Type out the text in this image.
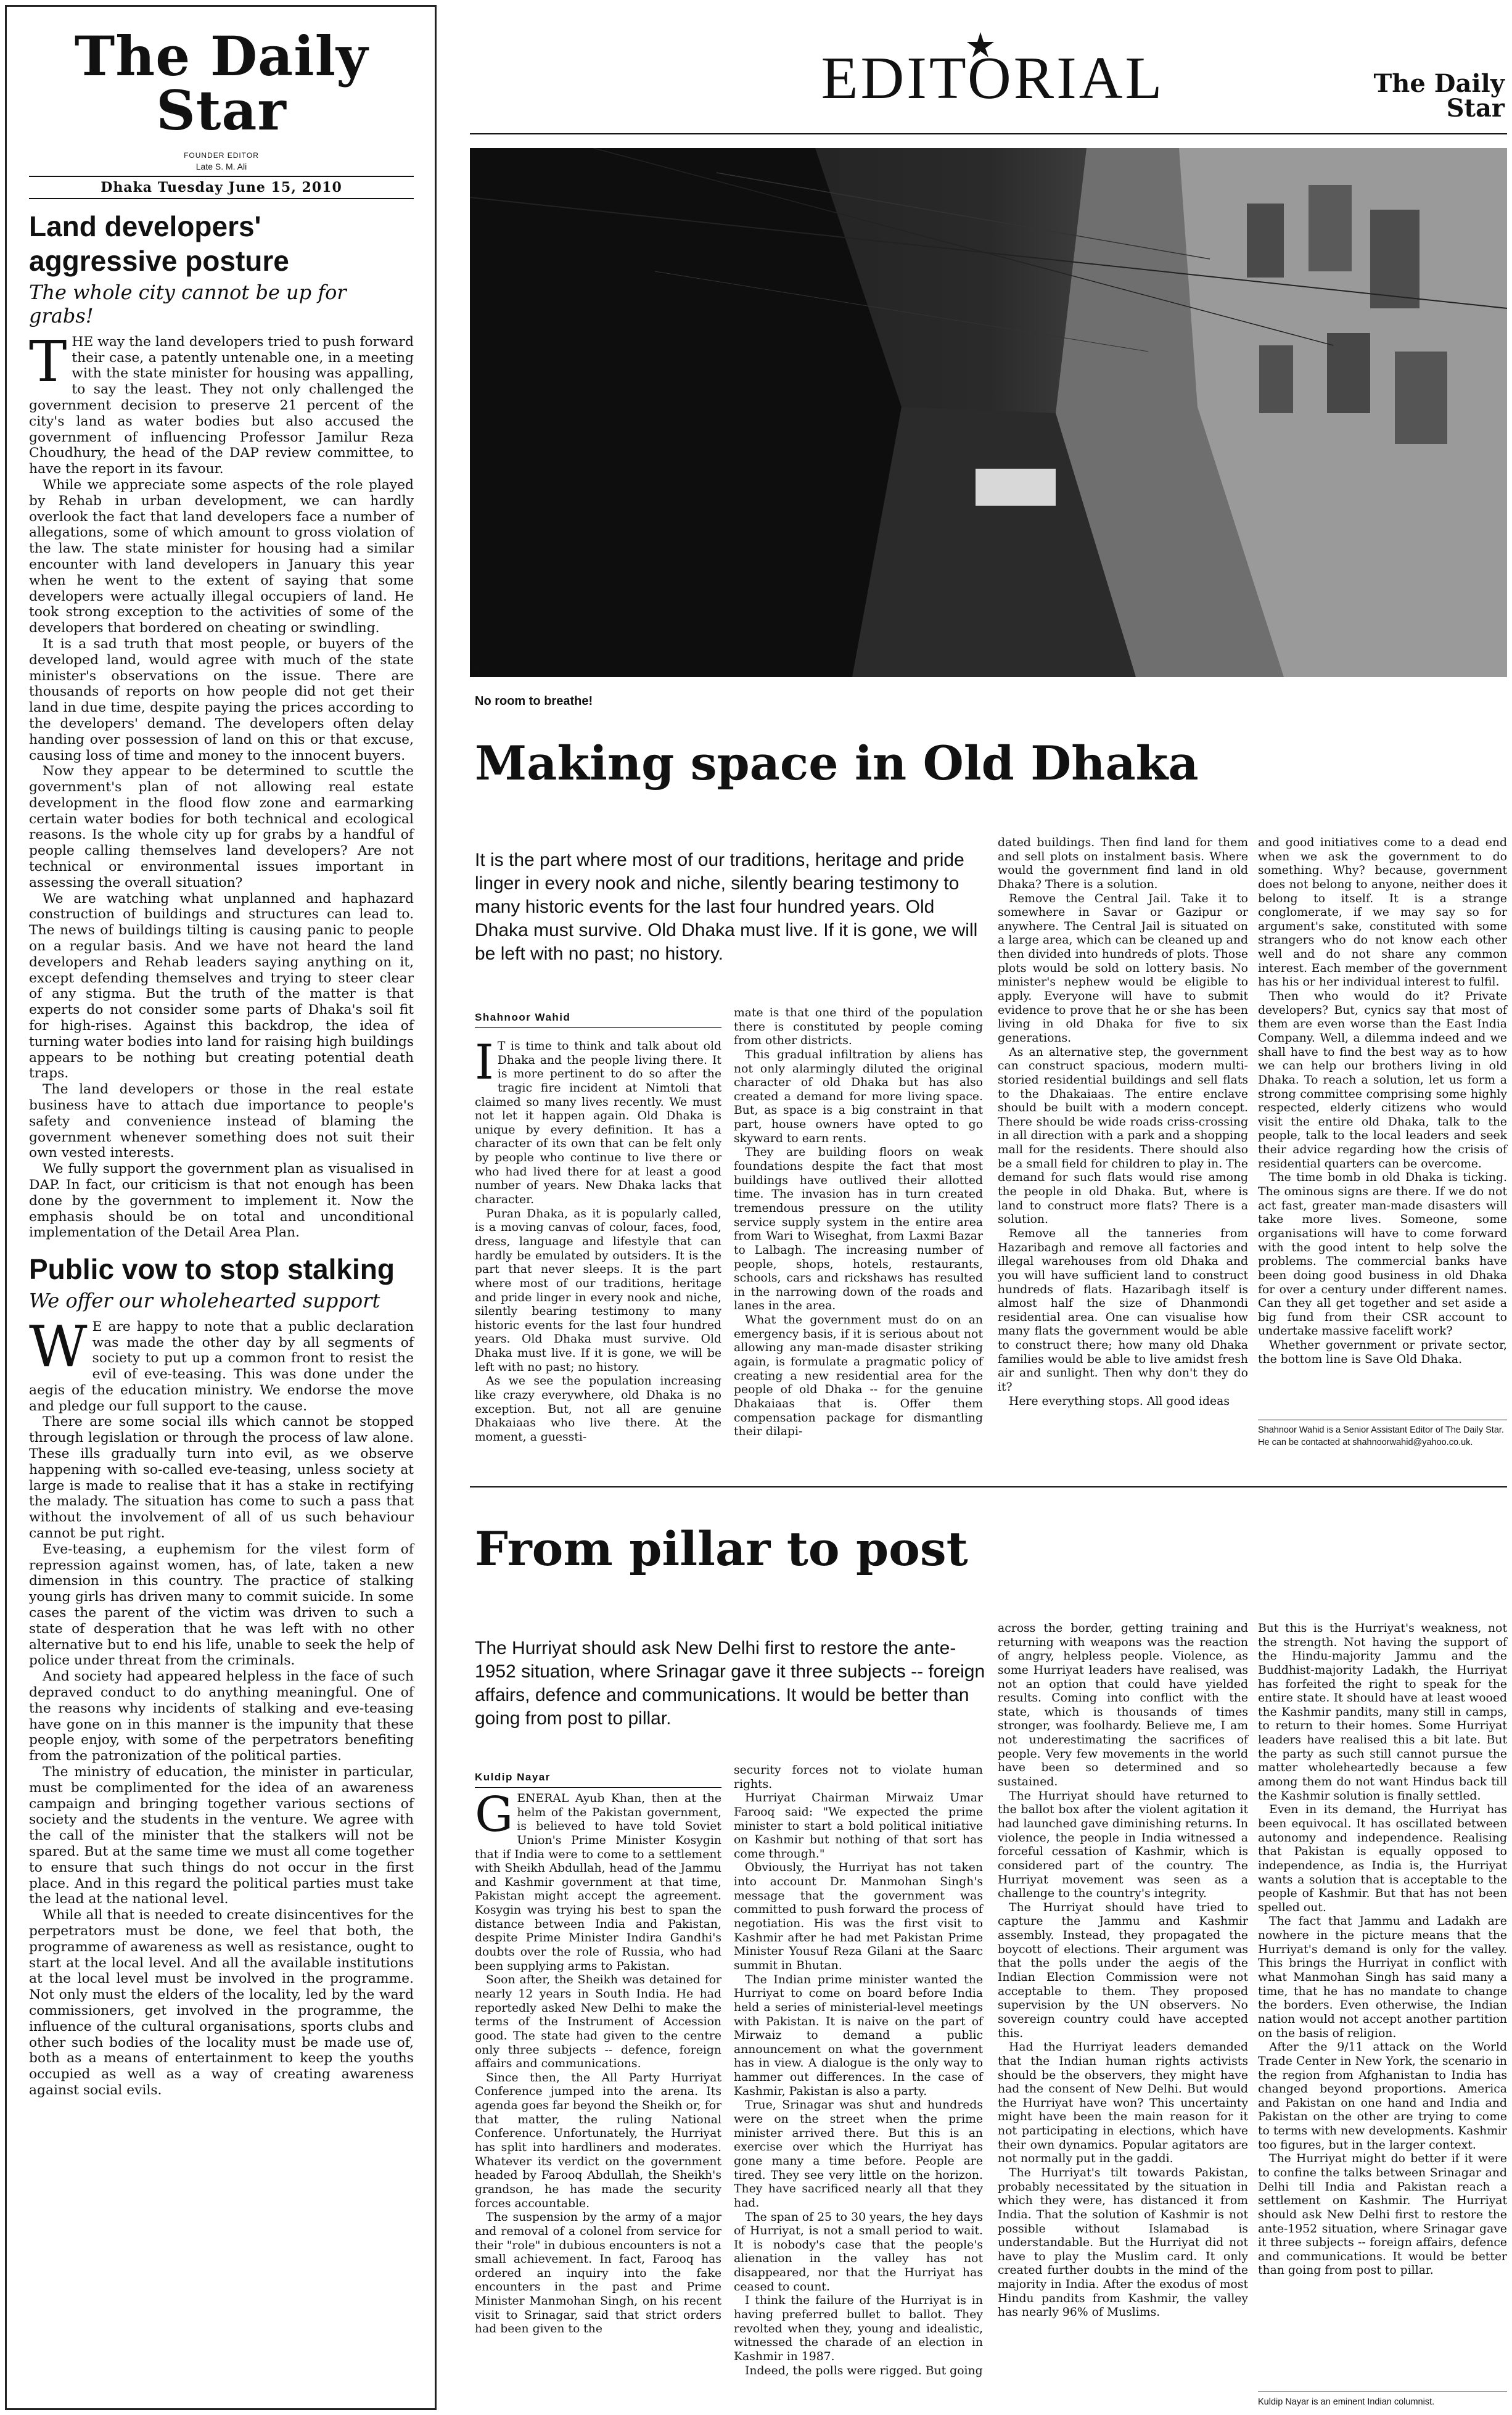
The Daily Star
FOUNDER EDITOR
Late S. M. Ali
Dhaka Tuesday June 15, 2010
Land developers' aggressive posture
The whole city cannot be up for grabs!

THE way the land developers tried to push forward their case, a patently untenable one, in a meeting with the state minister for housing was appalling, to say the least. They not only challenged the government decision to preserve 21 percent of the city's land as water bodies but also accused the government of influencing Professor Jamilur Reza Choudhury, the head of the DAP review committee, to have the report in its favour.

While we appreciate some aspects of the role played by Rehab in urban development, we can hardly overlook the fact that land developers face a number of allegations, some of which amount to gross violation of the law. The state minister for housing had a similar encounter with land developers in January this year when he went to the extent of saying that some developers were actually illegal occupiers of land. He took strong exception to the activities of some of the developers that bordered on cheating or swindling.

It is a sad truth that most people, or buyers of the developed land, would agree with much of the state minister's observations on the issue. There are thousands of reports on how people did not get their land in due time, despite paying the prices according to the developers' demand. The developers often delay handing over possession of land on this or that excuse, causing loss of time and money to the innocent buyers.

Now they appear to be determined to scuttle the government's plan of not allowing real estate development in the flood flow zone and earmarking certain water bodies for both technical and ecological reasons. Is the whole city up for grabs by a handful of people calling themselves land developers? Are not technical or environmental issues important in assessing the overall situation?

We are watching what unplanned and haphazard construction of buildings and structures can lead to. The news of buildings tilting is causing panic to people on a regular basis. And we have not heard the land developers and Rehab leaders saying anything on it, except defending themselves and trying to steer clear of any stigma. But the truth of the matter is that experts do not consider some parts of Dhaka's soil fit for high-rises. Against this backdrop, the idea of turning water bodies into land for raising high buildings appears to be nothing but creating potential death traps.

The land developers or those in the real estate business have to attach due importance to people's safety and convenience instead of blaming the government whenever something does not suit their own vested interests.

We fully support the government plan as visualised in DAP. In fact, our criticism is that not enough has been done by the government to implement it. Now the emphasis should be on total and unconditional implementation of the Detail Area Plan.

Public vow to stop stalking
We offer our wholehearted support

W E are happy to note that a public declaration was made the other day by all segments of society to put up a common front to resist the evil of eve-teasing. This was done under the aegis of the education ministry. We endorse the move and pledge our full support to the cause.

There are some social ills which cannot be stopped through legislation or through the process of law alone. These ills gradually turn into evil, as we observe happening with so-called eve-teasing, unless society at large is made to realise that it has a stake in rectifying the malady. The situation has come to such a pass that without the involvement of all of us such behaviour cannot be put right.

Eve-teasing, a euphemism for the vilest form of repression against women, has, of late, taken a new dimension in this country. The practice of stalking young girls has driven many to commit suicide. In some cases the parent of the victim was driven to such a state of desperation that he was left with no other alternative but to end his life, unable to seek the help of police under threat from the criminals.

And society had appeared helpless in the face of such depraved conduct to do anything meaningful. One of the reasons why incidents of stalking and eve-teasing have gone on in this manner is the impunity that these people enjoy, with some of the perpetrators benefiting from the patronization of the political parties.

The ministry of education, the minister in particular, must be complimented for the idea of an awareness campaign and bringing together various sections of society and the students in the venture. We agree with the call of the minister that the stalkers will not be spared. But at the same time we must all come together to ensure that such things do not occur in the first place. And in this regard the political parties must take the lead at the national level.

While all that is needed to create disincentives for the perpetrators must be done, we feel that both, the programme of awareness as well as resistance, ought to start at the local level. And all the available institutions at the local level must be involved in the programme. Not only must the elders of the locality, led by the ward commissioners, get involved in the programme, the influence of the cultural organisations, sports clubs and other such bodies of the locality must be made use of, both as a means of entertainment to keep the youths occupied as well as a way of creating awareness against social evils.

EDITORIAL	The Daily Star
LSG
No room to breathe!
Making space in Old Dhaka
It is the part where most of our traditions, heritage and pride linger in every nook and niche, silently bearing testimony to many historic events for the last four hundred years. Old Dhaka must survive. Old Dhaka must live. If it is gone, we will be left with no past; no history.
Shahnoor Wahid

I T is time to think and talk about old Dhaka and the people living there. It is more pertinent to do so after the tragic fire incident at Nimtoli that claimed so many lives recently. We must not let it happen again. Old Dhaka is unique by every definition. It has a character of its own that can be felt only by people who continue to live there or who had lived there for at least a good number of years. New Dhaka lacks that character.

Puran Dhaka, as it is popularly called, is a moving canvas of colour, faces, food, dress, language and lifestyle that can hardly be emulated by outsiders. It is the part that never sleeps. It is the part where most of our traditions, heritage and pride linger in every nook and niche, silently bearing testimony to many historic events for the last four hundred years. Old Dhaka must survive. Old Dhaka must live. If it is gone, we will be left with no past; no history.

As we see the population increasing like crazy everywhere, old Dhaka is no exception. But, not all are genuine Dhakaiaas who live there. At the moment, a guessti-

mate is that one third of the population there is constituted by people coming from other districts.

This gradual infiltration by aliens has not only alarmingly diluted the original character of old Dhaka but has also created a demand for more living space. But, as space is a big constraint in that part, house owners have opted to go skyward to earn rents.

They are building floors on weak foundations despite the fact that most buildings have outlived their allotted time. The invasion has in turn created tremendous pressure on the utility service supply system in the entire area from Wari to Wiseghat, from Laxmi Bazar to Lalbagh. The increasing number of people, shops, hotels, restaurants, schools, cars and rickshaws has resulted in the narrowing down of the roads and lanes in the area.

What the government must do on an emergency basis, if it is serious about not allowing any man-made disaster striking again, is formulate a pragmatic policy of creating a new residential area for the people of old Dhaka -- for the genuine Dhakaiaas that is. Offer them compensation package for dismantling their dilapi-

dated buildings. Then find land for them and sell plots on instalment basis. Where would the government find land in old Dhaka? There is a solution.

Remove the Central Jail. Take it to somewhere in Savar or Gazipur or anywhere. The Central Jail is situated on a large area, which can be cleaned up and then divided into hundreds of plots. Those plots would be sold on lottery basis. No minister's nephew would be eligible to apply. Everyone will have to submit evidence to prove that he or she has been living in old Dhaka for five to six generations.

As an alternative step, the government can construct spacious, modern multi-storied residential buildings and sell flats to the Dhakaiaas. The entire enclave should be built with a modern concept. There should be wide roads criss-crossing in all direction with a park and a shopping mall for the residents. There should also be a small field for children to play in. The demand for such flats would rise among the people in old Dhaka. But, where is land to construct more flats? There is a solution.

Remove all the tanneries from Hazaribagh and remove all factories and illegal warehouses from old Dhaka and you will have sufficient land to construct hundreds of flats. Hazaribagh itself is almost half the size of Dhanmondi residential area. One can visualise how many flats the government would be able to construct there; how many old Dhaka families would be able to live amidst fresh air and sunlight. Then why don't they do it?

Here everything stops. All good ideas

and good initiatives come to a dead end when we ask the government to do something. Why? because, government does not belong to anyone, neither does it belong to itself. It is a strange conglomerate, if we may say so for argument's sake, constituted with some strangers who do not know each other well and do not share any common interest. Each member of the government has his or her individual interest to fulfil.

Then who would do it? Private developers? But, cynics say that most of them are even worse than the East India Company. Well, a dilemma indeed and we shall have to find the best way as to how we can help our brothers living in old Dhaka. To reach a solution, let us form a strong committee comprising some highly respected, elderly citizens who would visit the entire old Dhaka, talk to the people, talk to the local leaders and seek their advice regarding how the crisis of residential quarters can be overcome.

The time bomb in old Dhaka is ticking. The ominous signs are there. If we do not act fast, greater man-made disasters will take more lives. Someone, some organisations will have to come forward with the good intent to help solve the problems. The commercial banks have been doing good business in old Dhaka for over a century under different names. Can they all get together and set aside a big fund from their CSR account to undertake massive facelift work?

Whether government or private sector, the bottom line is Save Old Dhaka.

Shahnoor Wahid is a Senior Assistant Editor of The Daily Star. He can be contacted at shahnoorwahid@yahoo.co.uk.
From pillar to post
The Hurriyat should ask New Delhi first to restore the ante-1952 situation, where Srinagar gave it three subjects -- foreign affairs, defence and communications. It would be better than going from post to pillar.
Kuldip Nayar

GENERAL Ayub Khan, then at the helm of the Pakistan government, is believed to have told Soviet Union's Prime Minister Kosygin that if India were to come to a settlement with Sheikh Abdullah, head of the Jammu and Kashmir government at that time, Pakistan might accept the agreement. Kosygin was trying his best to span the distance between India and Pakistan, despite Prime Minister Indira Gandhi's doubts over the role of Russia, who had been supplying arms to Pakistan.

Soon after, the Sheikh was detained for nearly 12 years in South India. He had reportedly asked New Delhi to make the terms of the Instrument of Accession good. The state had given to the centre only three subjects -- defence, foreign affairs and communications.

Since then, the All Party Hurriyat Conference jumped into the arena. Its agenda goes far beyond the Sheikh or, for that matter, the ruling National Conference. Unfortunately, the Hurriyat has split into hardliners and moderates. Whatever its verdict on the government headed by Farooq Abdullah, the Sheikh's grandson, he has made the security forces accountable.

The suspension by the army of a major and removal of a colonel from service for their "role" in dubious encounters is not a small achievement. In fact, Farooq has ordered an inquiry into the fake encounters in the past and Prime Minister Manmohan Singh, on his recent visit to Srinagar, said that strict orders had been given to the

security forces not to violate human rights.

Hurriyat Chairman Mirwaiz Umar Farooq said: "We expected the prime minister to start a bold political initiative on Kashmir but nothing of that sort has come through."

Obviously, the Hurriyat has not taken into account Dr. Manmohan Singh's message that the government was committed to push forward the process of negotiation. His was the first visit to Kashmir after he had met Pakistan Prime Minister Yousuf Reza Gilani at the Saarc summit in Bhutan.

The Indian prime minister wanted the Hurriyat to come on board before India held a series of ministerial-level meetings with Pakistan. It is naive on the part of Mirwaiz to demand a public announcement on what the government has in view. A dialogue is the only way to hammer out differences. In the case of Kashmir, Pakistan is also a party.

True, Srinagar was shut and hundreds were on the street when the prime minister arrived there. But this is an exercise over which the Hurriyat has gone many a time before. People are tired. They see very little on the horizon. They have sacrificed nearly all that they had.

The span of 25 to 30 years, the hey days of Hurriyat, is not a small period to wait. It is nobody's case that the people's alienation in the valley has not disappeared, nor that the Hurriyat has ceased to count.

I think the failure of the Hurriyat is in having preferred bullet to ballot. They revolted when they, young and idealistic, witnessed the charade of an election in Kashmir in 1987.

Indeed, the polls were rigged. But going

across the border, getting training and returning with weapons was the reaction of angry, helpless people. Violence, as some Hurriyat leaders have realised, was not an option that could have yielded results. Coming into conflict with the state, which is thousands of times stronger, was foolhardy. Believe me, I am not underestimating the sacrifices of people. Very few movements in the world have been so determined and so sustained.

The Hurriyat should have returned to the ballot box after the violent agitation it had launched gave diminishing returns. In violence, the people in India witnessed a forceful cessation of Kashmir, which is considered part of the country. The Hurriyat movement was seen as a challenge to the country's integrity.

The Hurriyat should have tried to capture the Jammu and Kashmir assembly. Instead, they propagated the boycott of elections. Their argument was that the polls under the aegis of the Indian Election Commission were not acceptable to them. They proposed supervision by the UN observers. No sovereign country could have accepted this.

Had the Hurriyat leaders demanded that the Indian human rights activists should be the observers, they might have had the consent of New Delhi. But would the Hurriyat have won? This uncertainty might have been the main reason for it not participating in elections, which have their own dynamics. Popular agitators are not normally put in the gaddi.

The Hurriyat's tilt towards Pakistan, probably necessitated by the situation in which they were, has distanced it from India. That the solution of Kashmir is not possible without Islamabad is understandable. But the Hurriyat did not have to play the Muslim card. It only created further doubts in the mind of the majority in India. After the exodus of most Hindu pandits from Kashmir, the valley has nearly 96% of Muslims.

But this is the Hurriyat's weakness, not the strength. Not having the support of the Hindu-majority Jammu and the Buddhist-majority Ladakh, the Hurriyat has forfeited the right to speak for the entire state. It should have at least wooed the Kashmir pandits, many still in camps, to return to their homes. Some Hurriyat leaders have realised this a bit late. But the party as such still cannot pursue the matter wholeheartedly because a few among them do not want Hindus back till the Kashmir solution is finally settled.

Even in its demand, the Hurriyat has been equivocal. It has oscillated between autonomy and independence. Realising that Pakistan is equally opposed to independence, as India is, the Hurriyat wants a solution that is acceptable to the people of Kashmir. But that has not been spelled out.

The fact that Jammu and Ladakh are nowhere in the picture means that the Hurriyat's demand is only for the valley. This brings the Hurriyat in conflict with what Manmohan Singh has said many a time, that he has no mandate to change the borders. Even otherwise, the Indian nation would not accept another partition on the basis of religion.

After the 9/11 attack on the World Trade Center in New York, the scenario in the region from Afghanistan to India has changed beyond proportions. America and Pakistan on one hand and India and Pakistan on the other are trying to come to terms with new developments. Kashmir too figures, but in the larger context.

The Hurriyat might do better if it were to confine the talks between Srinagar and Delhi till India and Pakistan reach a settlement on Kashmir. The Hurriyat should ask New Delhi first to restore the ante-1952 situation, where Srinagar gave it three subjects -- foreign affairs, defence and communications. It would be better than going from post to pillar.

Kuldip Nayar is an eminent Indian columnist.
